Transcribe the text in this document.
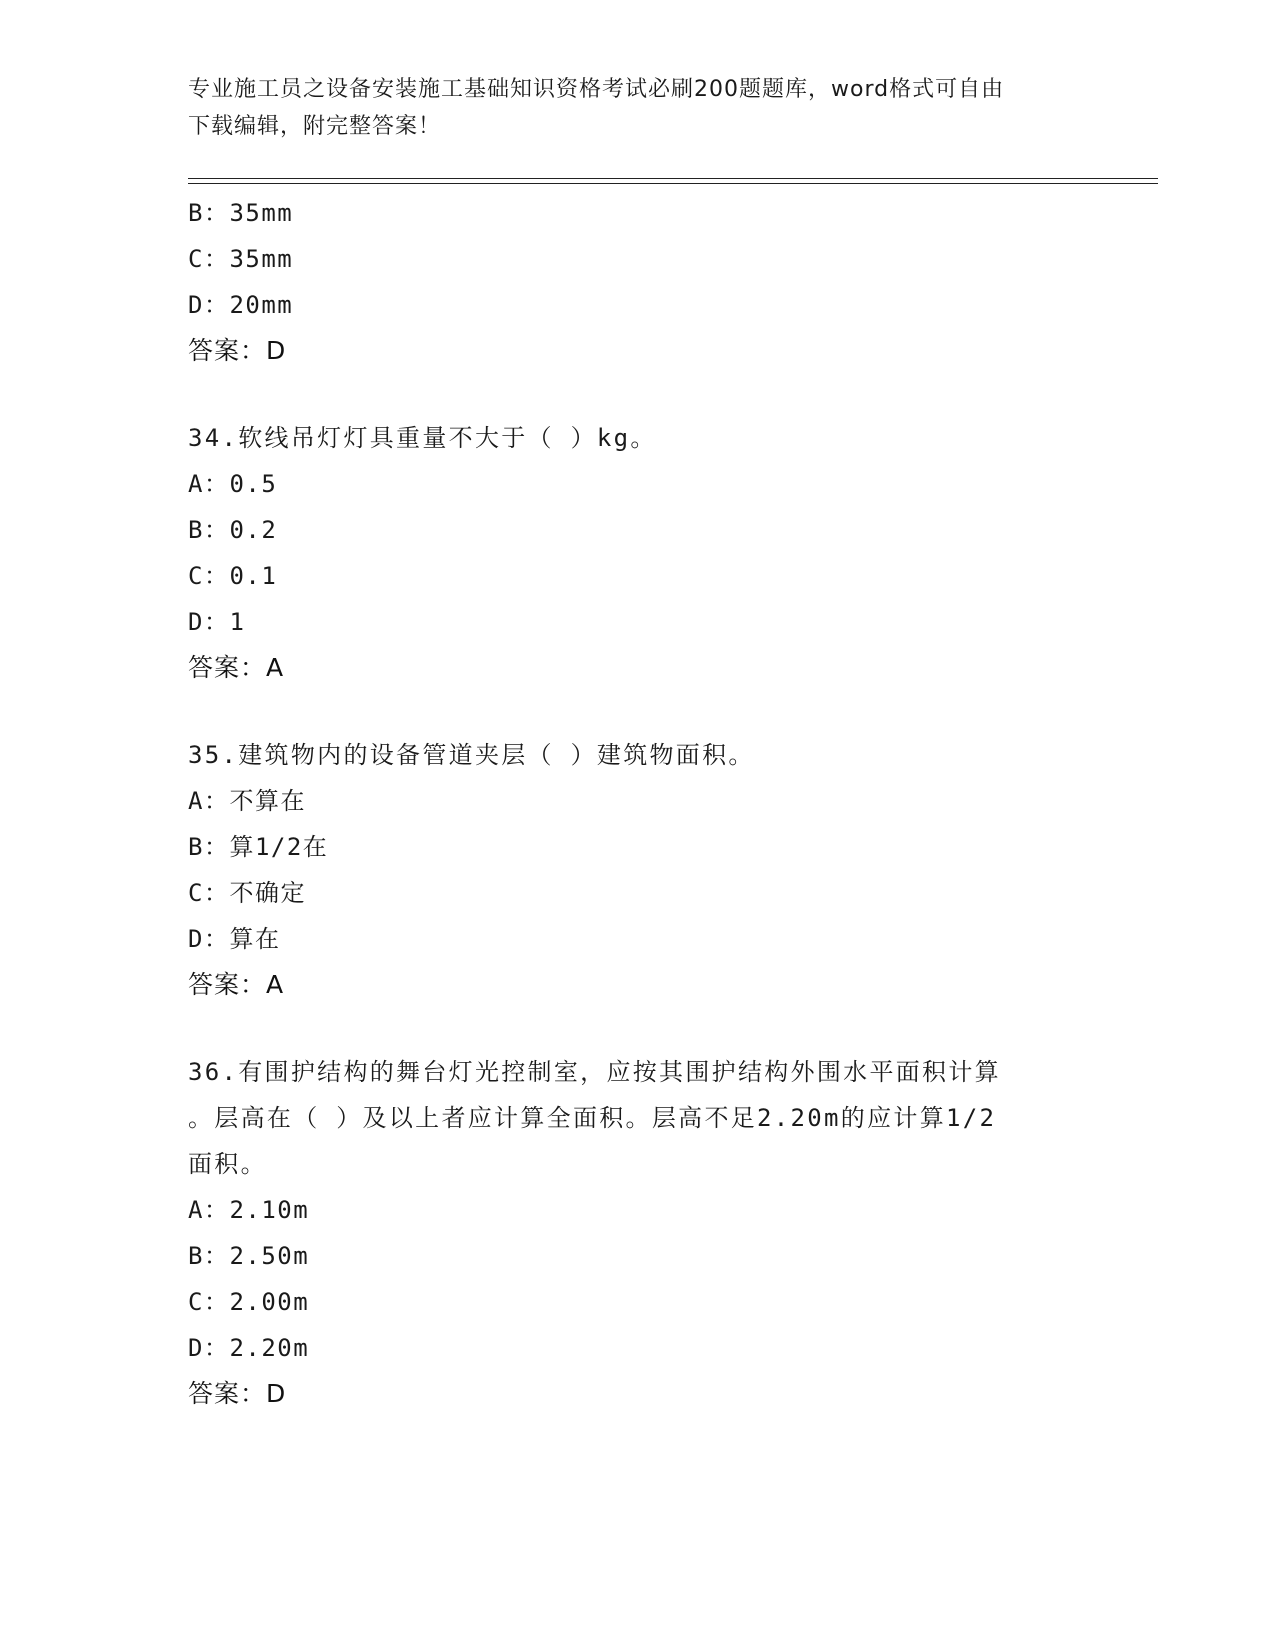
专业施工员之设备安装施工基础知识资格考试必刷200题题库，word格式可自由
下载编辑，附完整答案！
B：35mm
C：35mm
D：20mm
答案：D
34.软线吊灯灯具重量不大于（ ）kg。
A：0.5
B：0.2
C：0.1
D：1
答案：A
35.建筑物内的设备管道夹层（ ）建筑物面积。
A：不算在
B：算1/2在
C：不确定
D：算在
答案：A
36.有围护结构的舞台灯光控制室，应按其围护结构外围水平面积计算
。层高在（ ）及以上者应计算全面积。层高不足2.20m的应计算1/2
面积。
A：2.10m
B：2.50m
C：2.00m
D：2.20m
答案：D
